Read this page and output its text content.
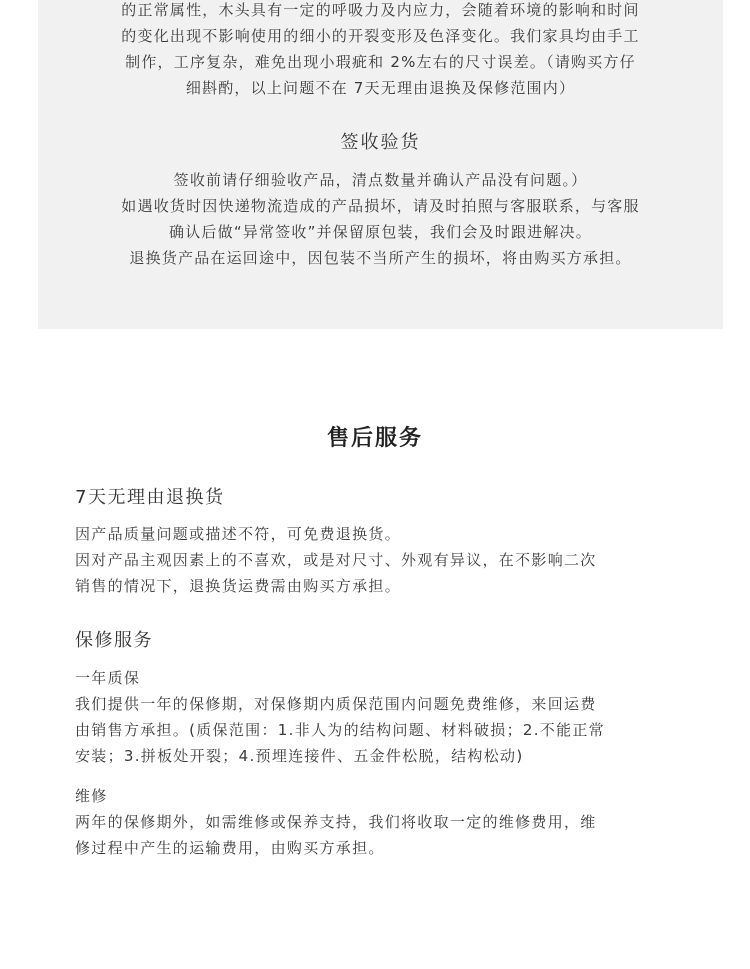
的正常属性，木头具有一定的呼吸力及内应力，会随着环境的影响和时间
的变化出现不影响使用的细小的开裂变形及色泽变化。我们家具均由手工
制作，工序复杂，难免出现小瑕疵和 2%左右的尺寸误差。（请购买方仔
细斟酌，以上问题不在 7天无理由退换及保修范围内）
签收验货
签收前请仔细验收产品，清点数量并确认产品没有问题。）
如遇收货时因快递物流造成的产品损坏，请及时拍照与客服联系，与客服
确认后做“异常签收”并保留原包装，我们会及时跟进解决。
退换货产品在运回途中，因包装不当所产生的损坏，将由购买方承担。
售后服务
7天无理由退换货
因产品质量问题或描述不符，可免费退换货。
因对产品主观因素上的不喜欢，或是对尺寸、外观有异议，在不影响二次
销售的情况下，退换货运费需由购买方承担。
保修服务
一年质保
我们提供一年的保修期，对保修期内质保范围内问题免费维修，来回运费
由销售方承担。(质保范围：1.非人为的结构问题、材料破损；2.不能正常
安装；3.拼板处开裂；4.预埋连接件、五金件松脱，结构松动)
维修
两年的保修期外，如需维修或保养支持，我们将收取一定的维修费用，维
修过程中产生的运输费用，由购买方承担。
